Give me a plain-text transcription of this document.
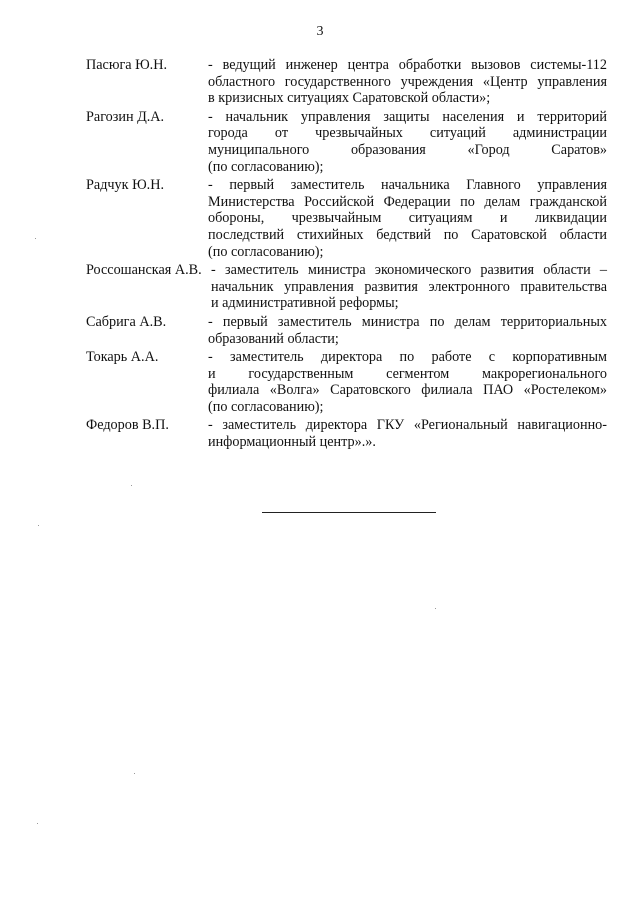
3
Пасюга Ю.Н.	- ведущий инженер центра обработки вызовов системы-112
областного государственного учреждения «Центр управления
в кризисных ситуациях Саратовской области»;
Рагозин Д.А.	- начальник управления защиты населения и территорий
города от чрезвычайных ситуаций администрации
муниципального образования «Город Саратов»
(по согласованию);
Радчук Ю.Н.	- первый заместитель начальника Главного управления
Министерства Российской Федерации по делам гражданской
обороны, чрезвычайным ситуациям и ликвидации
последствий стихийных бедствий по Саратовской области
(по согласованию);
Россошанская А.В. - заместитель министра экономического развития области –
начальник управления развития электронного правительства
и административной реформы;
Сабрига А.В.	- первый заместитель министра по делам территориальных
образований области;
Токарь А.А.	- заместитель директора по работе с корпоративным
и государственным сегментом макрорегионального
филиала «Волга» Саратовского филиала ПАО «Ростелеком»
(по согласованию);
Федоров В.П.	- заместитель директора ГКУ «Региональный навигационно-
информационный центр».».
